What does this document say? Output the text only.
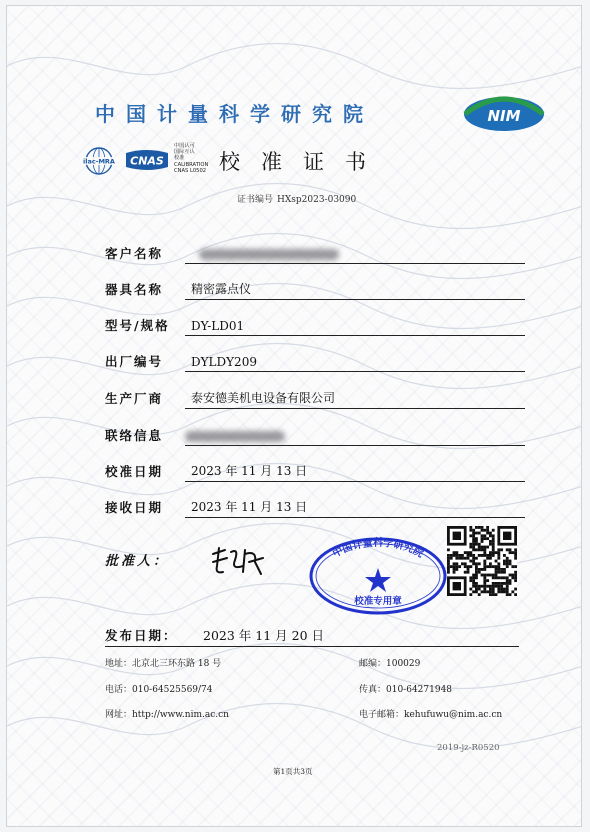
中国计量科学研究院	NIM
ilac-MRA CNAS
中国认可
国际互认
校准
CALIBRATION
CNAS L0502 校准证书
证书编号 HXsp2023-03090
客户名称
器具名称 精密露点仪
型号/规格 DY-LD01
出厂编号 DYLDY209
生产厂商 泰安德美机电设备有限公司
联络信息
校准日期 2023 年 11 月 13 日
接收日期 2023 年 11 月 13 日
批准人：
中国计量科学研究院
校准专用章
发布日期： 2023 年 11 月 20 日
地址：北京北三环东路 18 号	邮编：100029
电话：010-64525569/74	传真：010-64271948
网址：http://www.nim.ac.cn	电子邮箱：kehufuwu@nim.ac.cn
2019-jz-R0520
第1页共3页
